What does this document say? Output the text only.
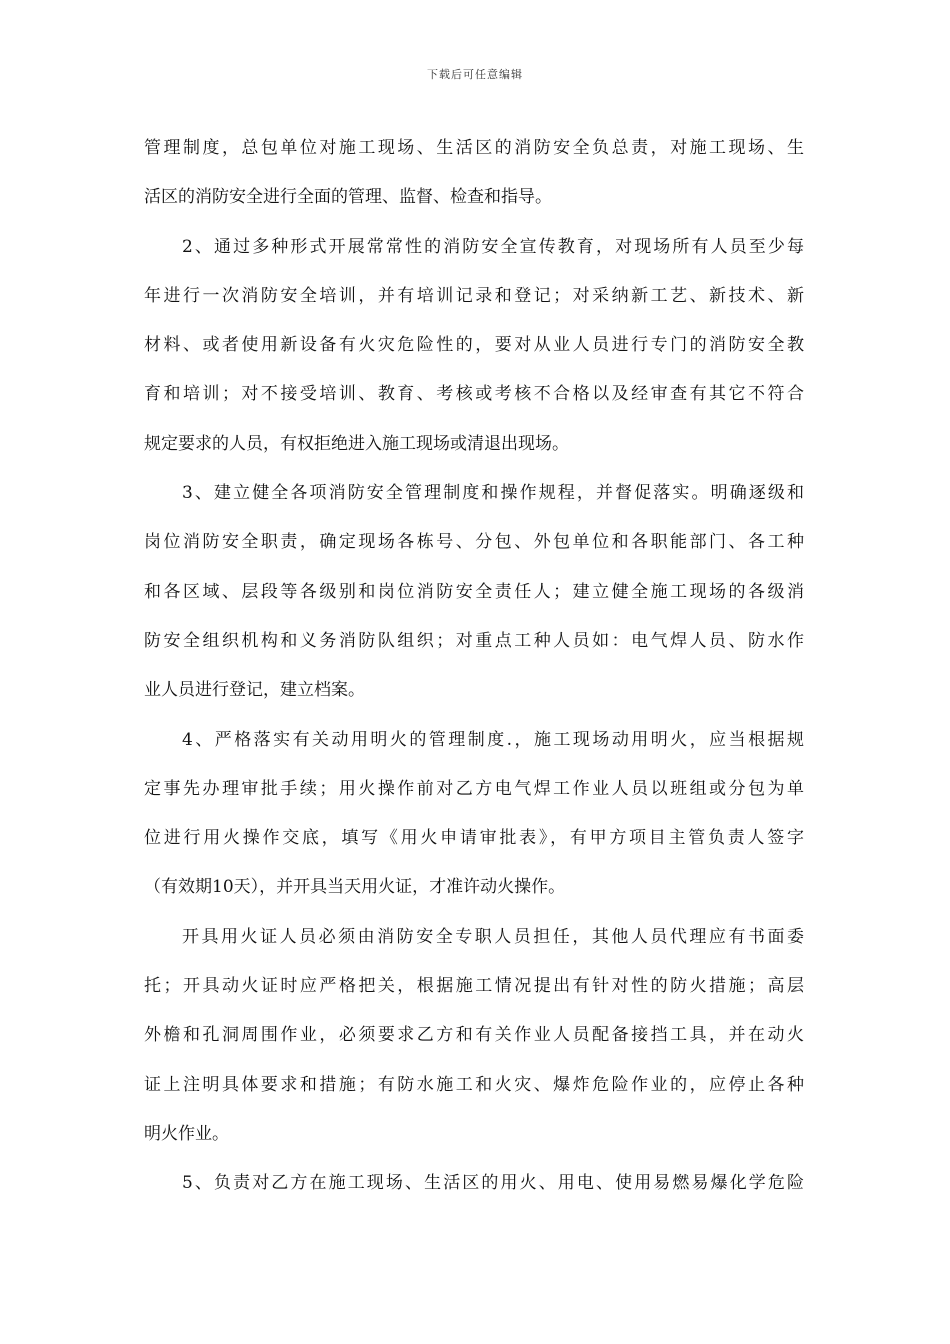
下载后可任意编辑
管理制度，总包单位对施工现场、生活区的消防安全负总责，对施工现场、生
活区的消防安全进行全面的管理、监督、检查和指导。
2、通过多种形式开展常常性的消防安全宣传教育，对现场所有人员至少每
年进行一次消防安全培训，并有培训记录和登记；对采纳新工艺、新技术、新
材料、或者使用新设备有火灾危险性的，要对从业人员进行专门的消防安全教
育和培训；对不接受培训、教育、考核或考核不合格以及经审查有其它不符合
规定要求的人员，有权拒绝进入施工现场或清退出现场。
3、建立健全各项消防安全管理制度和操作规程，并督促落实。明确逐级和
岗位消防安全职责，确定现场各栋号、分包、外包单位和各职能部门、各工种
和各区域、层段等各级别和岗位消防安全责任人；建立健全施工现场的各级消
防安全组织机构和义务消防队组织；对重点工种人员如：电气焊人员、防水作
业人员进行登记，建立档案。
4、严格落实有关动用明火的管理制度.，施工现场动用明火，应当根据规
定事先办理审批手续；用火操作前对乙方电气焊工作业人员以班组或分包为单
位进行用火操作交底，填写《用火申请审批表》，有甲方项目主管负责人签字
（有效期10天），并开具当天用火证，才准许动火操作。
开具用火证人员必须由消防安全专职人员担任，其他人员代理应有书面委
托；开具动火证时应严格把关，根据施工情况提出有针对性的防火措施；高层
外檐和孔洞周围作业，必须要求乙方和有关作业人员配备接挡工具，并在动火
证上注明具体要求和措施；有防水施工和火灾、爆炸危险作业的，应停止各种
明火作业。
5、负责对乙方在施工现场、生活区的用火、用电、使用易燃易爆化学危险
